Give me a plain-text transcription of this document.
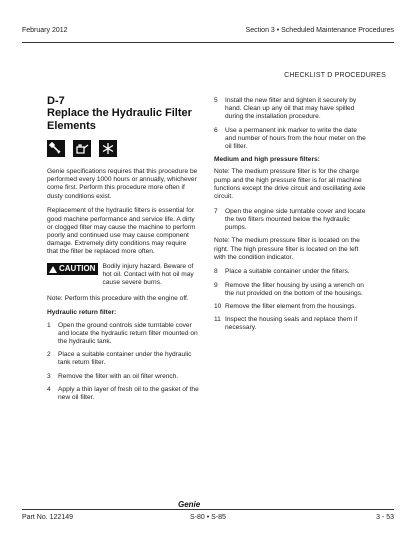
February 2012	Section 3 • Scheduled Maintenance Procedures
CHECKLIST D PROCEDURES
D-7
Replace the Hydraulic Filter
Elements

Genie specifications requires that this procedure be performed every 1000 hours or annually, whichever come first. Perform this procedure more often if dusty conditions exist.

Replacement of the hydraulic filters is essential for good machine performance and service life. A dirty or clogged filter may cause the machine to perform poorly and continued use may cause component damage. Extremely dirty conditions may require that the filter be replaced more often.

CAUTION Bodily injury hazard. Beware of hot oil. Contact with hot oil may cause severe burns.

Note: Perform this procedure with the engine off.

Hydraulic return filter:
1	Open the ground controls side turntable cover and locate the hydraulic return filter mounted on the hydraulic tank.
2	Place a suitable container under the hydraulic tank return filter.
3	Remove the filter with an oil filter wrench.
4	Apply a thin layer of fresh oil to the gasket of the new oil filter.
5	Install the new filter and tighten it securely by hand. Clean up any oil that may have spilled during the installation procedure.
6	Use a permanent ink marker to write the date and number of hours from the hour meter on the oil filter.
Medium and high pressure filters:

Note: The medium pressure filter is for the charge pump and the high pressure filter is for all machine functions except the drive circuit and oscillating axle circuit.

7	Open the engine side turntable cover and locate the two filters mounted below the hydraulic pumps.

Note: The medium pressure filter is located on the right. The high pressure filter is located on the left with the condition indicator.

8	Place a suitable container under the filters.
9	Remove the filter housing by using a wrench on the nut provided on the bottom of the housings.
10 Remove the filter element from the housings.
11 Inspect the housing seals and replace them if necessary.
Genie
Part No. 122149	S-80 • S-85	3 - 53
